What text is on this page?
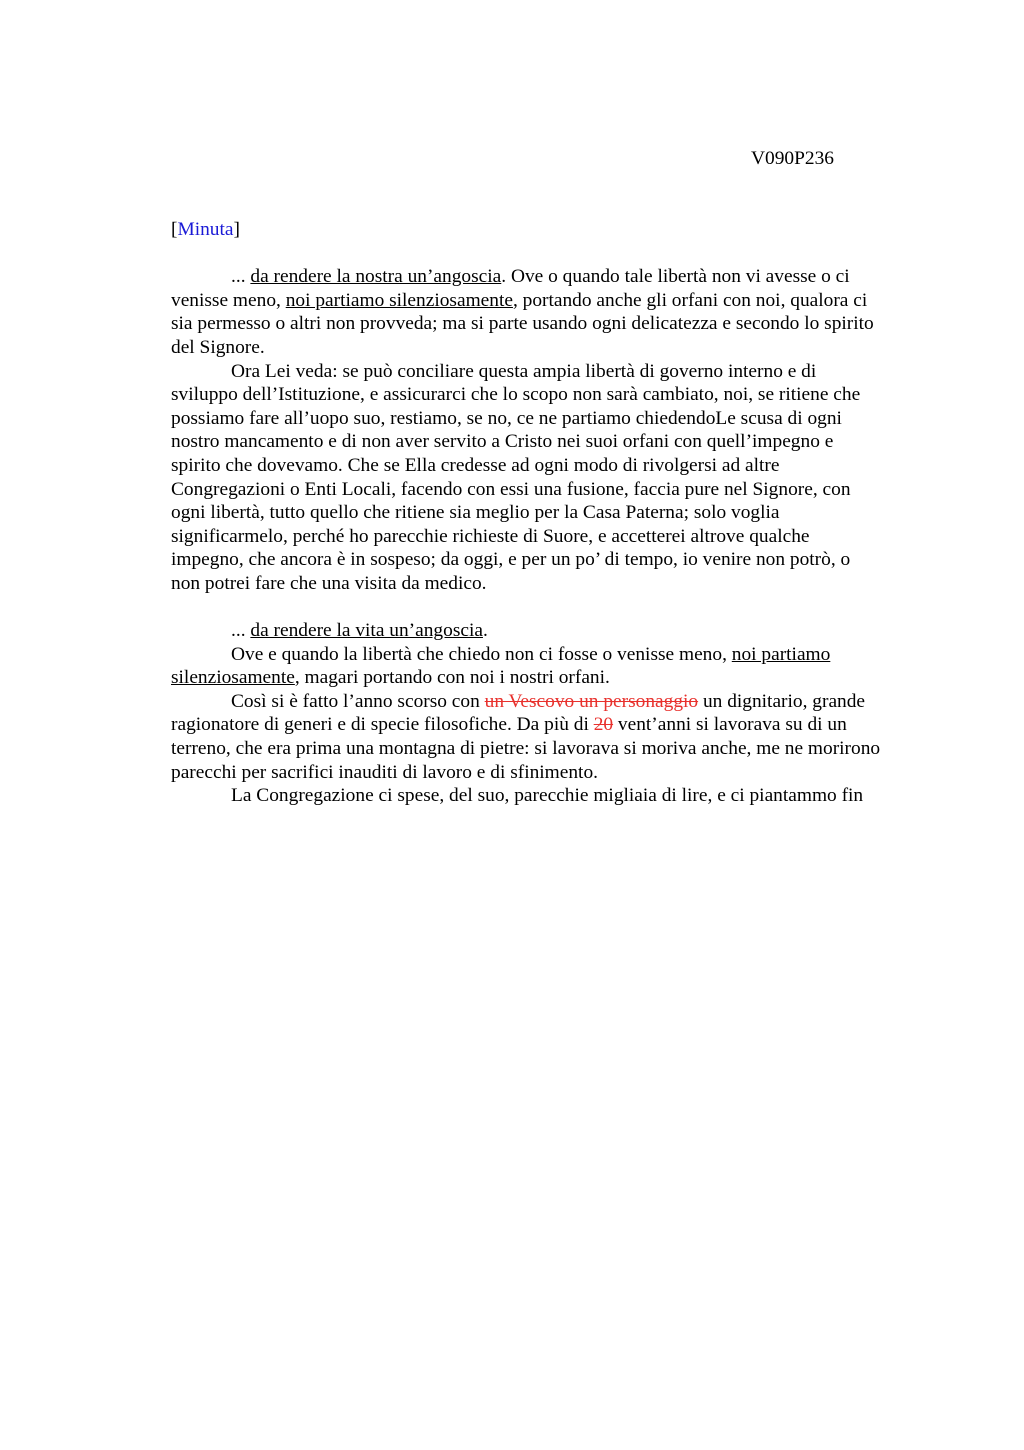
V090P236
[Minuta]
... da rendere la nostra un’angoscia. Ove o quando tale libertà non vi avesse o ci
venisse meno, noi partiamo silenziosamente, portando anche gli orfani con noi, qualora ci
sia permesso o altri non provveda; ma si parte usando ogni delicatezza e secondo lo spirito
del Signore.
Ora Lei veda: se può conciliare questa ampia libertà di governo interno e di
sviluppo dell’Istituzione, e assicurarci che lo scopo non sarà cambiato, noi, se ritiene che
possiamo fare all’uopo suo, restiamo, se no, ce ne partiamo chiedendoLe scusa di ogni
nostro mancamento e di non aver servito a Cristo nei suoi orfani con quell’impegno e
spirito che dovevamo. Che se Ella credesse ad ogni modo di rivolgersi ad altre
Congregazioni o Enti Locali, facendo con essi una fusione, faccia pure nel Signore, con
ogni libertà, tutto quello che ritiene sia meglio per la Casa Paterna; solo voglia
significarmelo, perché ho parecchie richieste di Suore, e accetterei altrove qualche
impegno, che ancora è in sospeso; da oggi, e per un po’ di tempo, io venire non potrò, o
non potrei fare che una visita da medico.
... da rendere la vita un’angoscia.
Ove e quando la libertà che chiedo non ci fosse o venisse meno, noi partiamo
silenziosamente, magari portando con noi i nostri orfani.
Così si è fatto l’anno scorso con un Vescovo un personaggio un dignitario, grande
ragionatore di generi e di specie filosofiche. Da più di 20 vent’anni si lavorava su di un
terreno, che era prima una montagna di pietre: si lavorava si moriva anche, me ne morirono
parecchi per sacrifici inauditi di lavoro e di sfinimento.
La Congregazione ci spese, del suo, parecchie migliaia di lire, e ci piantammo fin
